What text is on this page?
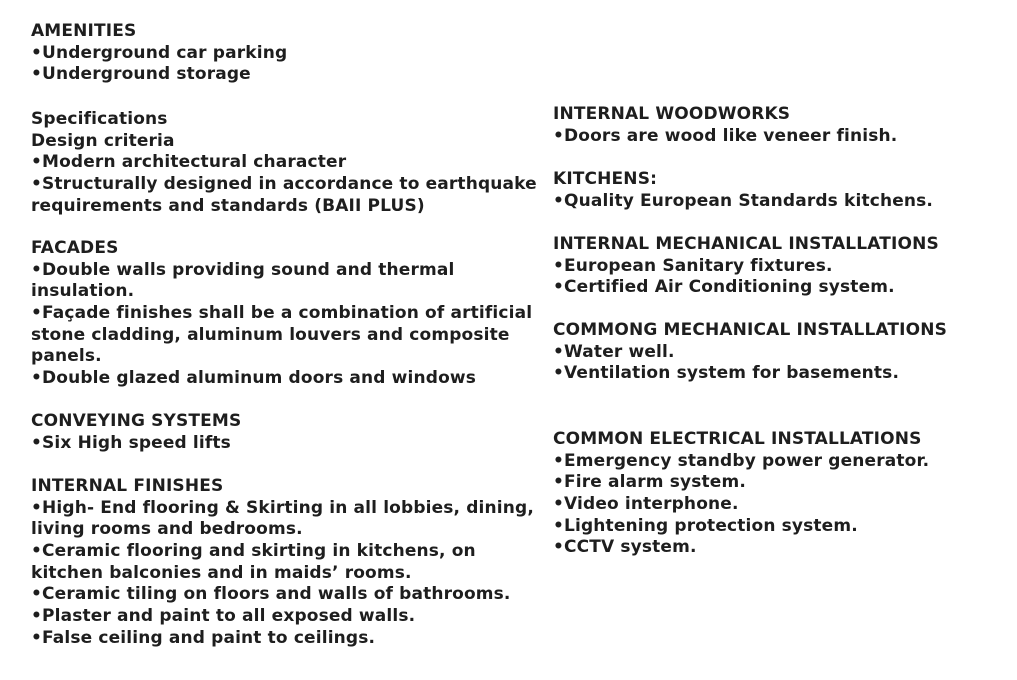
AMENITIES
•Underground car parking
•Underground storage
Specifications
Design criteria
•Modern architectural character
•Structurally designed in accordance to earthquake
requirements and standards (BAII PLUS)
FACADES
•Double walls providing sound and thermal
insulation.
•Façade finishes shall be a combination of artificial
stone cladding, aluminum louvers and composite
panels.
•Double glazed aluminum doors and windows
CONVEYING SYSTEMS
•Six High speed lifts
INTERNAL FINISHES
•High- End flooring & Skirting in all lobbies, dining,
living rooms and bedrooms.
•Ceramic flooring and skirting in kitchens, on
kitchen balconies and in maids’ rooms.
•Ceramic tiling on floors and walls of bathrooms.
•Plaster and paint to all exposed walls.
•False ceiling and paint to ceilings.
INTERNAL WOODWORKS
•Doors are wood like veneer finish.
KITCHENS:
•Quality European Standards kitchens.
INTERNAL MECHANICAL INSTALLATIONS
•European Sanitary fixtures.
•Certified Air Conditioning system.
COMMONG MECHANICAL INSTALLATIONS
•Water well.
•Ventilation system for basements.
COMMON ELECTRICAL INSTALLATIONS
•Emergency standby power generator.
•Fire alarm system.
•Video interphone.
•Lightening protection system.
•CCTV system.
